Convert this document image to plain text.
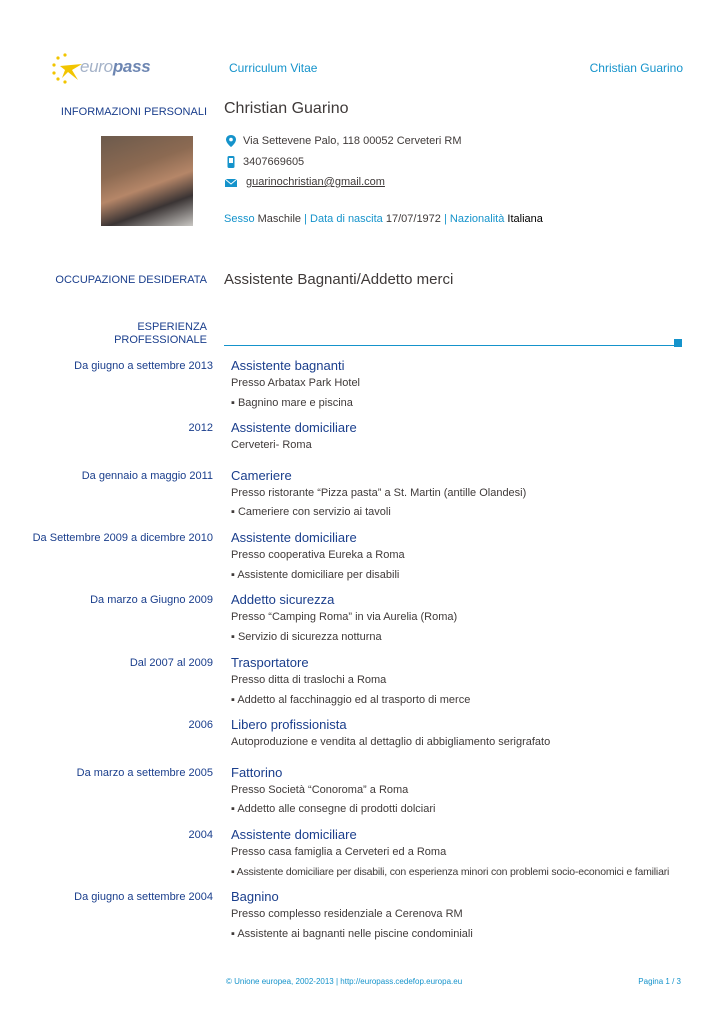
europass	Curriculum Vitae	Christian Guarino
INFORMAZIONI PERSONALI Christian Guarino
Via Settevene Palo, 118 00052 Cerveteri RM
3407669605
guarinochristian@gmail.com
Sesso Maschile | Data di nascita 17/07/1972 | Nazionalità Italiana
OCCUPAZIONE DESIDERATA Assistente Bagnanti/Addetto merci
ESPERIENZA
PROFESSIONALE
Da giugno a settembre 2013 Assistente bagnanti
Presso Arbatax Park Hotel
▪ Bagnino mare e piscina
2012 Assistente domiciliare
Cerveteri- Roma
Da gennaio a maggio 2011 Cameriere
Presso ristorante “Pizza pasta” a St. Martin (antille Olandesi)
▪ Cameriere con servizio ai tavoli
Da Settembre 2009 a dicembre 2010 Assistente domiciliare
Presso cooperativa Eureka a Roma
▪ Assistente domiciliare per disabili
Da marzo a Giugno 2009 Addetto sicurezza
Presso “Camping Roma” in via Aurelia (Roma)
▪ Servizio di sicurezza notturna
Dal 2007 al 2009 Trasportatore
Presso ditta di traslochi a Roma
▪ Addetto al facchinaggio ed al trasporto di merce
2006 Libero profissionista
Autoproduzione e vendita al dettaglio di abbigliamento serigrafato
Da marzo a settembre 2005 Fattorino
Presso Società “Conoroma” a Roma
▪ Addetto alle consegne di prodotti dolciari
2004 Assistente domiciliare
Presso casa famiglia a Cerveteri ed a Roma
▪ Assistente domiciliare per disabili, con esperienza minori con problemi socio-economici e familiari
Da giugno a settembre 2004 Bagnino
Presso complesso residenziale a Cerenova RM
▪ Assistente ai bagnanti nelle piscine condominiali
© Unione europea, 2002-2013 | http://europass.cedefop.europa.eu	Pagina 1 / 3
